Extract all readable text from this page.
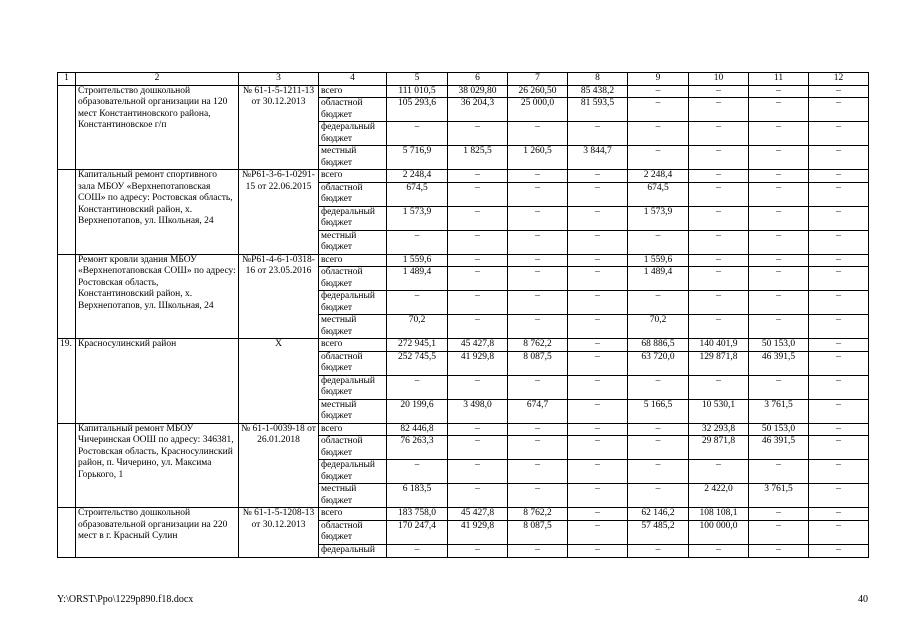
1	2	3	4	5	6	7	8	9	10	11	12
	Строительство дошкольной образовательной организации на 120 мест Константиновского района, Константиновское г/п	№ 61-1-5-1211-13 от 30.12.2013	всего	111 010,5	38 029,80	26 260,50	85 438,2	–	–	–	–
			областной бюджет	105 293,6	36 204,3	25 000,0	81 593,5	–	–	–	–
			федеральный бюджет	–	–	–	–	–	–	–	–
			местный бюджет	5 716,9	1 825,5	1 260,5	3 844,7	–	–	–	–
	Капитальный ремонт спортивного зала МБОУ «Верхнепотаповская СОШ» по адресу: Ростовская область, Константиновский район, х. Верхнепотапов, ул. Школьная, 24	№Р61-3-6-1-0291-15 от 22.06.2015	всего	2 248,4	–	–	–	2 248,4	–	–	–
			областной бюджет	674,5	–	–	–	674,5	–	–	–
			федеральный бюджет	1 573,9	–	–	–	1 573,9	–	–	–
			местный бюджет	–	–	–	–	–	–	–	–
	Ремонт кровли здания МБОУ «Верхнепотаповская СОШ» по адресу: Ростовская область, Константиновский район, х. Верхнепотапов, ул. Школьная, 24	№Р61-4-6-1-0318-16 от 23.05.2016	всего	1 559,6	–	–	–	1 559,6	–	–	–
			областной бюджет	1 489,4	–	–	–	1 489,4	–	–	–
			федеральный бюджет	–	–	–	–	–	–	–	–
			местный бюджет	70,2	–	–	–	70,2	–	–	–
19.	Красносулинский район	Х	всего	272 945,1	45 427,8	8 762,2	–	68 886,5	140 401,9	50 153,0	–
			областной бюджет	252 745,5	41 929,8	8 087,5	–	63 720,0	129 871,8	46 391,5	–
			федеральный бюджет	–	–	–	–	–	–	–	–
			местный бюджет	20 199,6	3 498,0	674,7	–	5 166,5	10 530,1	3 761,5	–
	Капитальный ремонт МБОУ Чичеринская ООШ по адресу: 346381, Ростовская область, Красносулинский район, п. Чичерино, ул. Максима Горького, 1	№ 61-1-0039-18 от 26.01.2018	всего	82 446,8	–	–	–	–	32 293,8	50 153,0	–
			областной бюджет	76 263,3	–	–	–	–	29 871,8	46 391,5	–
			федеральный бюджет	–	–	–	–	–	–	–	–
			местный бюджет	6 183,5	–	–	–	–	2 422,0	3 761,5	–
	Строительство дошкольной образовательной организации на 220 мест в г. Красный Сулин	№ 61-1-5-1208-13 от 30.12.2013	всего	183 758,0	45 427,8	8 762,2	–	62 146,2	108 108,1	–	–
			областной бюджет	170 247,4	41 929,8	8 087,5	–	57 485,2	100 000,0	–	–
			федеральный	–	–	–	–	–	–	–	–
Y:\ORST\Ppo\1229p890.f18.docx	40
